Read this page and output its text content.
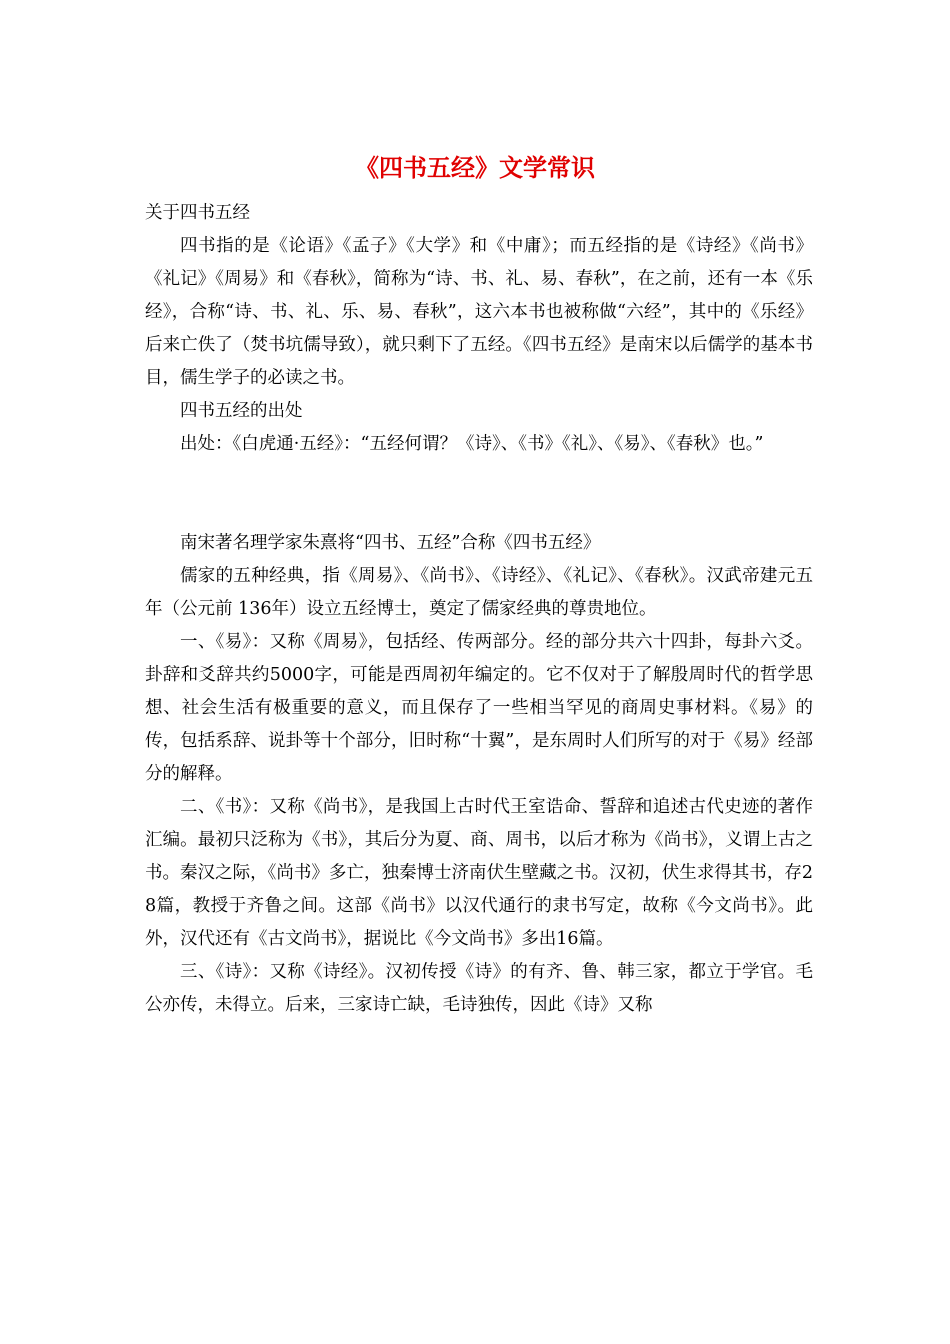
《四书五经》文学常识

关于四书五经

四书指的是《论语》《孟子》《大学》和《中庸》；而五经指的是《诗经》《尚书》《礼记》《周易》和《春秋》，简称为“诗、书、礼、易、春秋”，在之前，还有一本《乐经》，合称“诗、书、礼、乐、易、春秋”，这六本书也被称做“六经”，其中的《乐经》后来亡佚了（焚书坑儒导致），就只剩下了五经。《四书五经》是南宋以后儒学的基本书目，儒生学子的必读之书。

四书五经的出处

出处：《白虎通·五经》：“五经何谓？《诗》、《书》《礼》、《易》、《春秋》也。”

南宋著名理学家朱熹将“四书、五经”合称《四书五经》

儒家的五种经典，指《周易》、《尚书》、《诗经》、《礼记》、《春秋》。汉武帝建元五年（公元前 136年）设立五经博士，奠定了儒家经典的尊贵地位。

一、《易》：又称《周易》，包括经、传两部分。经的部分共六十四卦，每卦六爻。卦辞和爻辞共约5000字，可能是西周初年编定的。它不仅对于了解殷周时代的哲学思想、社会生活有极重要的意义，而且保存了一些相当罕见的商周史事材料。《易》的传，包括系辞、说卦等十个部分，旧时称“十翼”，是东周时人们所写的对于《易》经部分的解释。

二、《书》：又称《尚书》，是我国上古时代王室诰命、誓辞和追述古代史迹的著作汇编。最初只泛称为《书》，其后分为夏、商、周书，以后才称为《尚书》，义谓上古之书。秦汉之际，《尚书》多亡，独秦博士济南伏生壁藏之书。汉初，伏生求得其书，存28篇，教授于齐鲁之间。这部《尚书》以汉代通行的隶书写定，故称《今文尚书》。此外，汉代还有《古文尚书》，据说比《今文尚书》多出16篇。

三、《诗》：又称《诗经》。汉初传授《诗》的有齐、鲁、韩三家，都立于学官。毛公亦传，未得立。后来，三家诗亡缺，毛诗独传，因此《诗》又称
